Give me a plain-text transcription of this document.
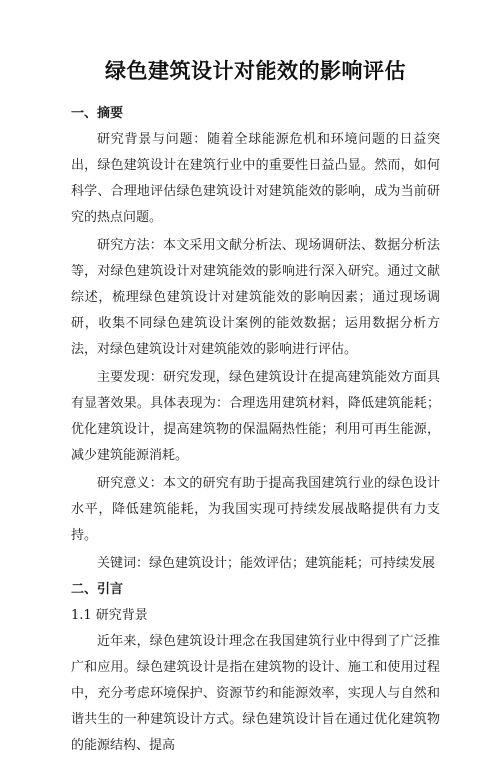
绿色建筑设计对能效的影响评估

一、摘要

研究背景与问题：随着全球能源危机和环境问题的日益突出，绿色建筑设计在建筑行业中的重要性日益凸显。然而，如何科学、合理地评估绿色建筑设计对建筑能效的影响，成为当前研究的热点问题。

研究方法：本文采用文献分析法、现场调研法、数据分析法等，对绿色建筑设计对建筑能效的影响进行深入研究。通过文献综述，梳理绿色建筑设计对建筑能效的影响因素；通过现场调研，收集不同绿色建筑设计案例的能效数据；运用数据分析方法，对绿色建筑设计对建筑能效的影响进行评估。

主要发现：研究发现，绿色建筑设计在提高建筑能效方面具有显著效果。具体表现为：合理选用建筑材料，降低建筑能耗；优化建筑设计，提高建筑物的保温隔热性能；利用可再生能源，减少建筑能源消耗。

研究意义：本文的研究有助于提高我国建筑行业的绿色设计水平，降低建筑能耗，为我国实现可持续发展战略提供有力支持。

关键词：绿色建筑设计；能效评估；建筑能耗；可持续发展

二、引言

1.1 研究背景

近年来，绿色建筑设计理念在我国建筑行业中得到了广泛推广和应用。绿色建筑设计是指在建筑物的设计、施工和使用过程中，充分考虑环境保护、资源节约和能源效率，实现人与自然和谐共生的一种建筑设计方式。绿色建筑设计旨在通过优化建筑物的能源结构、提高
